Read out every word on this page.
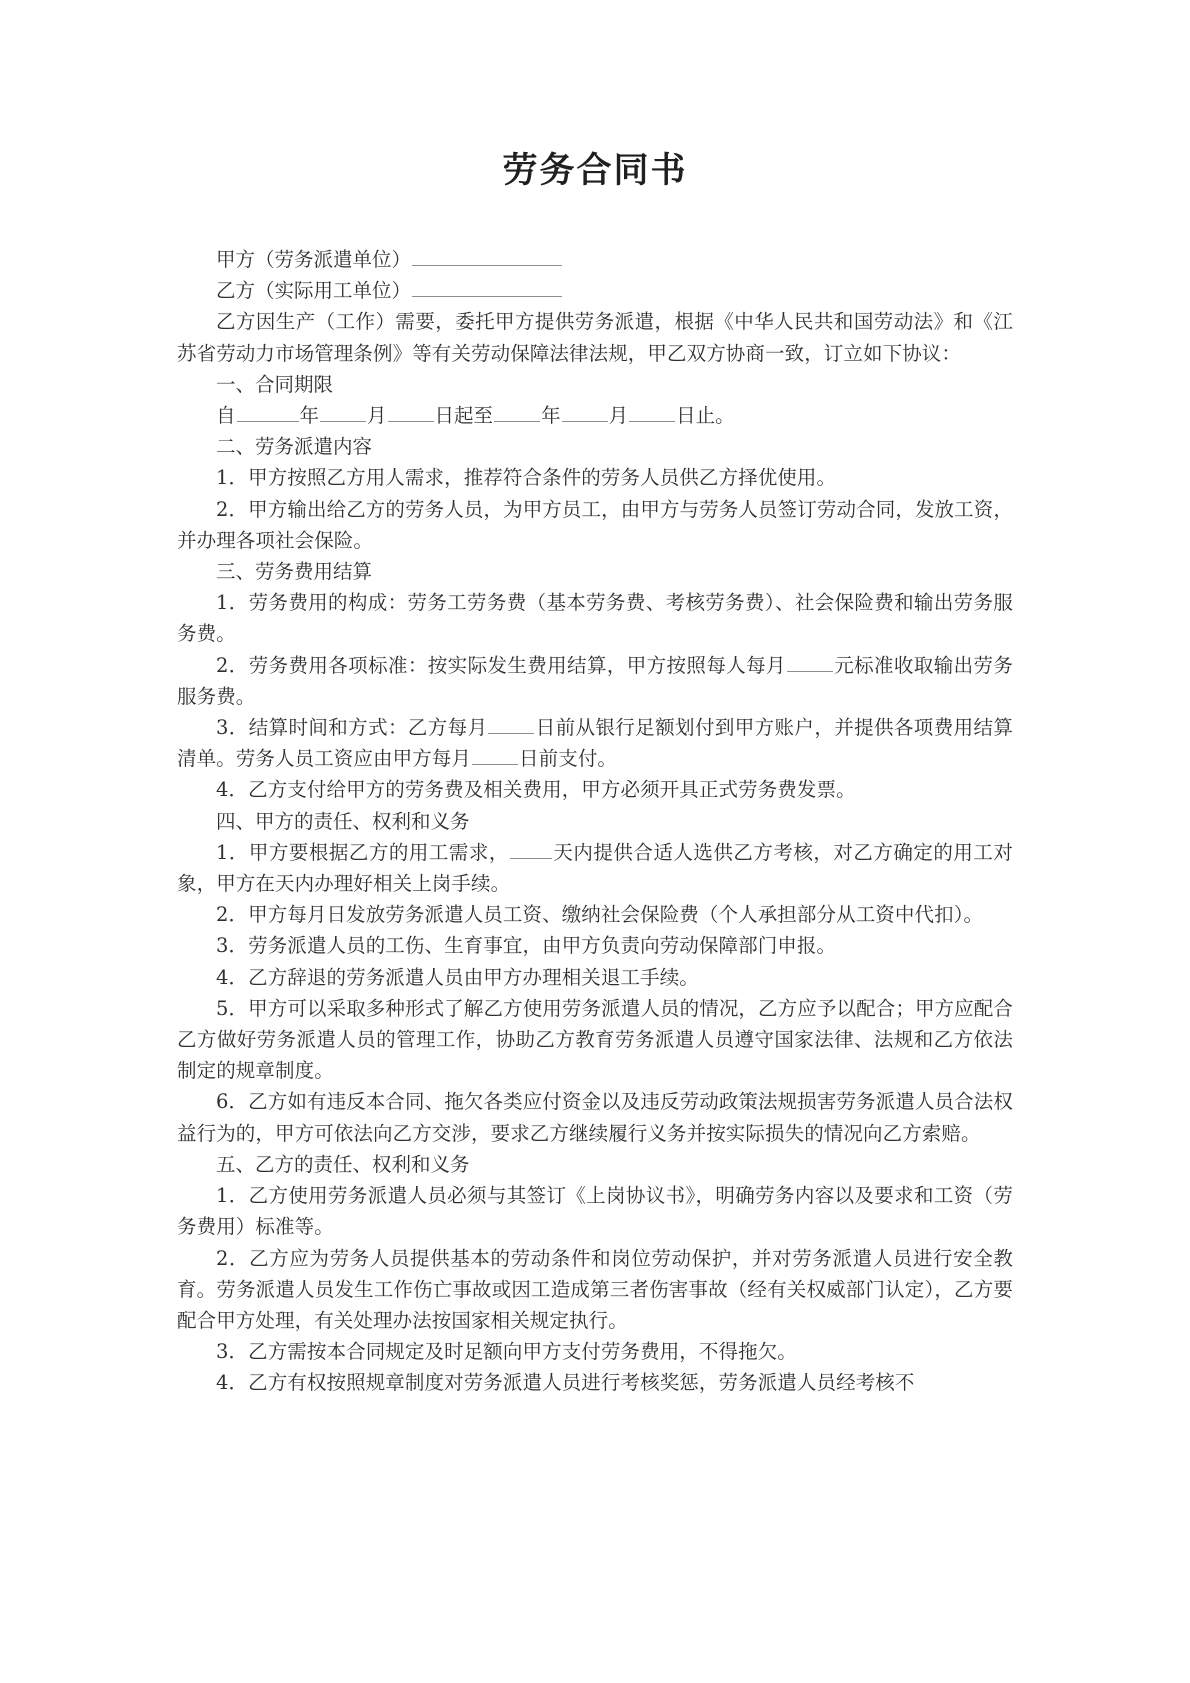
劳务合同书

甲方（劳务派遣单位）

乙方（实际用工单位）

乙方因生产（工作）需要，委托甲方提供劳务派遣，根据《中华人民共和国劳动法》和《江苏省劳动力市场管理条例》等有关劳动保障法律法规，甲乙双方协商一致，订立如下协议：

一、合同期限

自	年 月 日起至 年 月 日止。

二、劳务派遣内容

1．甲方按照乙方用人需求，推荐符合条件的劳务人员供乙方择优使用。

2．甲方输出给乙方的劳务人员，为甲方员工，由甲方与劳务人员签订劳动合同，发放工资，并办理各项社会保险。

三、劳务费用结算

1．劳务费用的构成：劳务工劳务费（基本劳务费、考核劳务费）、社会保险费和输出劳务服务费。

2．劳务费用各项标准：按实际发生费用结算，甲方按照每人每月 元标准收取输出劳务服务费。

3．结算时间和方式：乙方每月 日前从银行足额划付到甲方账户，并提供各项费用结算清单。劳务人员工资应由甲方每月 日前支付。

4．乙方支付给甲方的劳务费及相关费用，甲方必须开具正式劳务费发票。

四、甲方的责任、权利和义务

1．甲方要根据乙方的用工需求， 天内提供合适人选供乙方考核，对乙方确定的用工对象，甲方在天内办理好相关上岗手续。

2．甲方每月日发放劳务派遣人员工资、缴纳社会保险费（个人承担部分从工资中代扣）。

3．劳务派遣人员的工伤、生育事宜，由甲方负责向劳动保障部门申报。

4．乙方辞退的劳务派遣人员由甲方办理相关退工手续。

5．甲方可以采取多种形式了解乙方使用劳务派遣人员的情况，乙方应予以配合；甲方应配合乙方做好劳务派遣人员的管理工作，协助乙方教育劳务派遣人员遵守国家法律、法规和乙方依法制定的规章制度。

6．乙方如有违反本合同、拖欠各类应付资金以及违反劳动政策法规损害劳务派遣人员合法权益行为的，甲方可依法向乙方交涉，要求乙方继续履行义务并按实际损失的情况向乙方索赔。

五、乙方的责任、权利和义务

1．乙方使用劳务派遣人员必须与其签订《上岗协议书》，明确劳务内容以及要求和工资（劳务费用）标准等。

2．乙方应为劳务人员提供基本的劳动条件和岗位劳动保护，并对劳务派遣人员进行安全教育。劳务派遣人员发生工作伤亡事故或因工造成第三者伤害事故（经有关权威部门认定），乙方要配合甲方处理，有关处理办法按国家相关规定执行。

3．乙方需按本合同规定及时足额向甲方支付劳务费用，不得拖欠。

4．乙方有权按照规章制度对劳务派遣人员进行考核奖惩，劳务派遣人员经考核不
